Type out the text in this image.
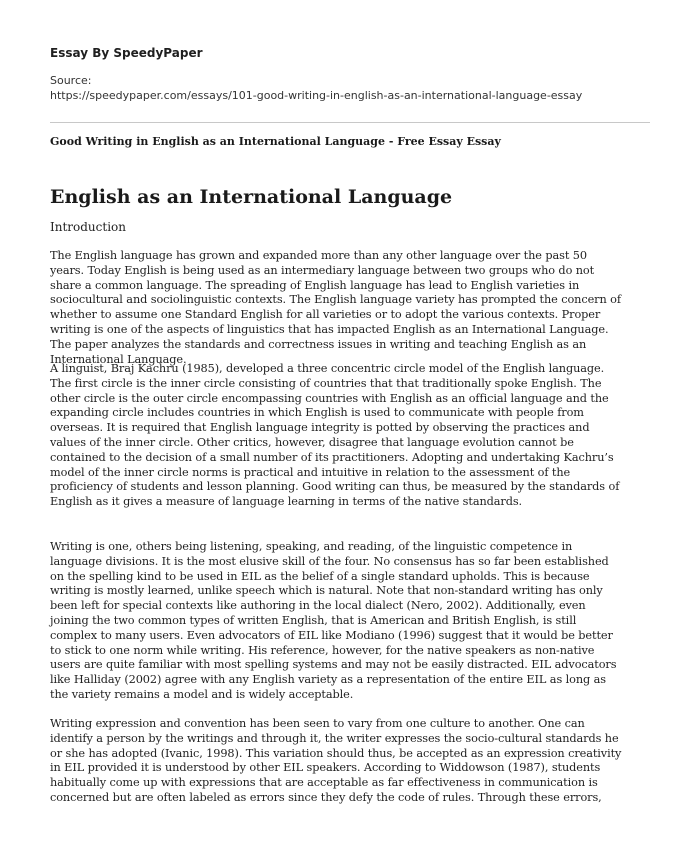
Essay By SpeedyPaper
Source:
https://speedypaper.com/essays/101-good-writing-in-english-as-an-international-language-essay
Good Writing in English as an International Language - Free Essay Essay
English as an International Language
Introduction

The English language has grown and expanded more than any other language over the past 50
years. Today English is being used as an intermediary language between two groups who do not
share a common language. The spreading of English language has lead to English varieties in
sociocultural and sociolinguistic contexts. The English language variety has prompted the concern of
whether to assume one Standard English for all varieties or to adopt the various contexts. Proper
writing is one of the aspects of linguistics that has impacted English as an International Language.
The paper analyzes the standards and correctness issues in writing and teaching English as an
International Language.

A linguist, Braj Kachru (1985), developed a three concentric circle model of the English language.
The first circle is the inner circle consisting of countries that that traditionally spoke English. The
other circle is the outer circle encompassing countries with English as an official language and the
expanding circle includes countries in which English is used to communicate with people from
overseas. It is required that English language integrity is potted by observing the practices and
values of the inner circle. Other critics, however, disagree that language evolution cannot be
contained to the decision of a small number of its practitioners. Adopting and undertaking Kachru’s
model of the inner circle norms is practical and intuitive in relation to the assessment of the
proficiency of students and lesson planning. Good writing can thus, be measured by the standards of
English as it gives a measure of language learning in terms of the native standards.

Writing is one, others being listening, speaking, and reading, of the linguistic competence in
language divisions. It is the most elusive skill of the four. No consensus has so far been established
on the spelling kind to be used in EIL as the belief of a single standard upholds. This is because
writing is mostly learned, unlike speech which is natural. Note that non-standard writing has only
been left for special contexts like authoring in the local dialect (Nero, 2002). Additionally, even
joining the two common types of written English, that is American and British English, is still
complex to many users. Even advocators of EIL like Modiano (1996) suggest that it would be better
to stick to one norm while writing. His reference, however, for the native speakers as non-native
users are quite familiar with most spelling systems and may not be easily distracted. EIL advocators
like Halliday (2002) agree with any English variety as a representation of the entire EIL as long as
the variety remains a model and is widely acceptable.

Writing expression and convention has been seen to vary from one culture to another. One can
identify a person by the writings and through it, the writer expresses the socio-cultural standards he
or she has adopted (Ivanic, 1998). This variation should thus, be accepted as an expression creativity
in EIL provided it is understood by other EIL speakers. According to Widdowson (1987), students
habitually come up with expressions that are acceptable as far effectiveness in communication is
concerned but are often labeled as errors since they defy the code of rules. Through these errors,
